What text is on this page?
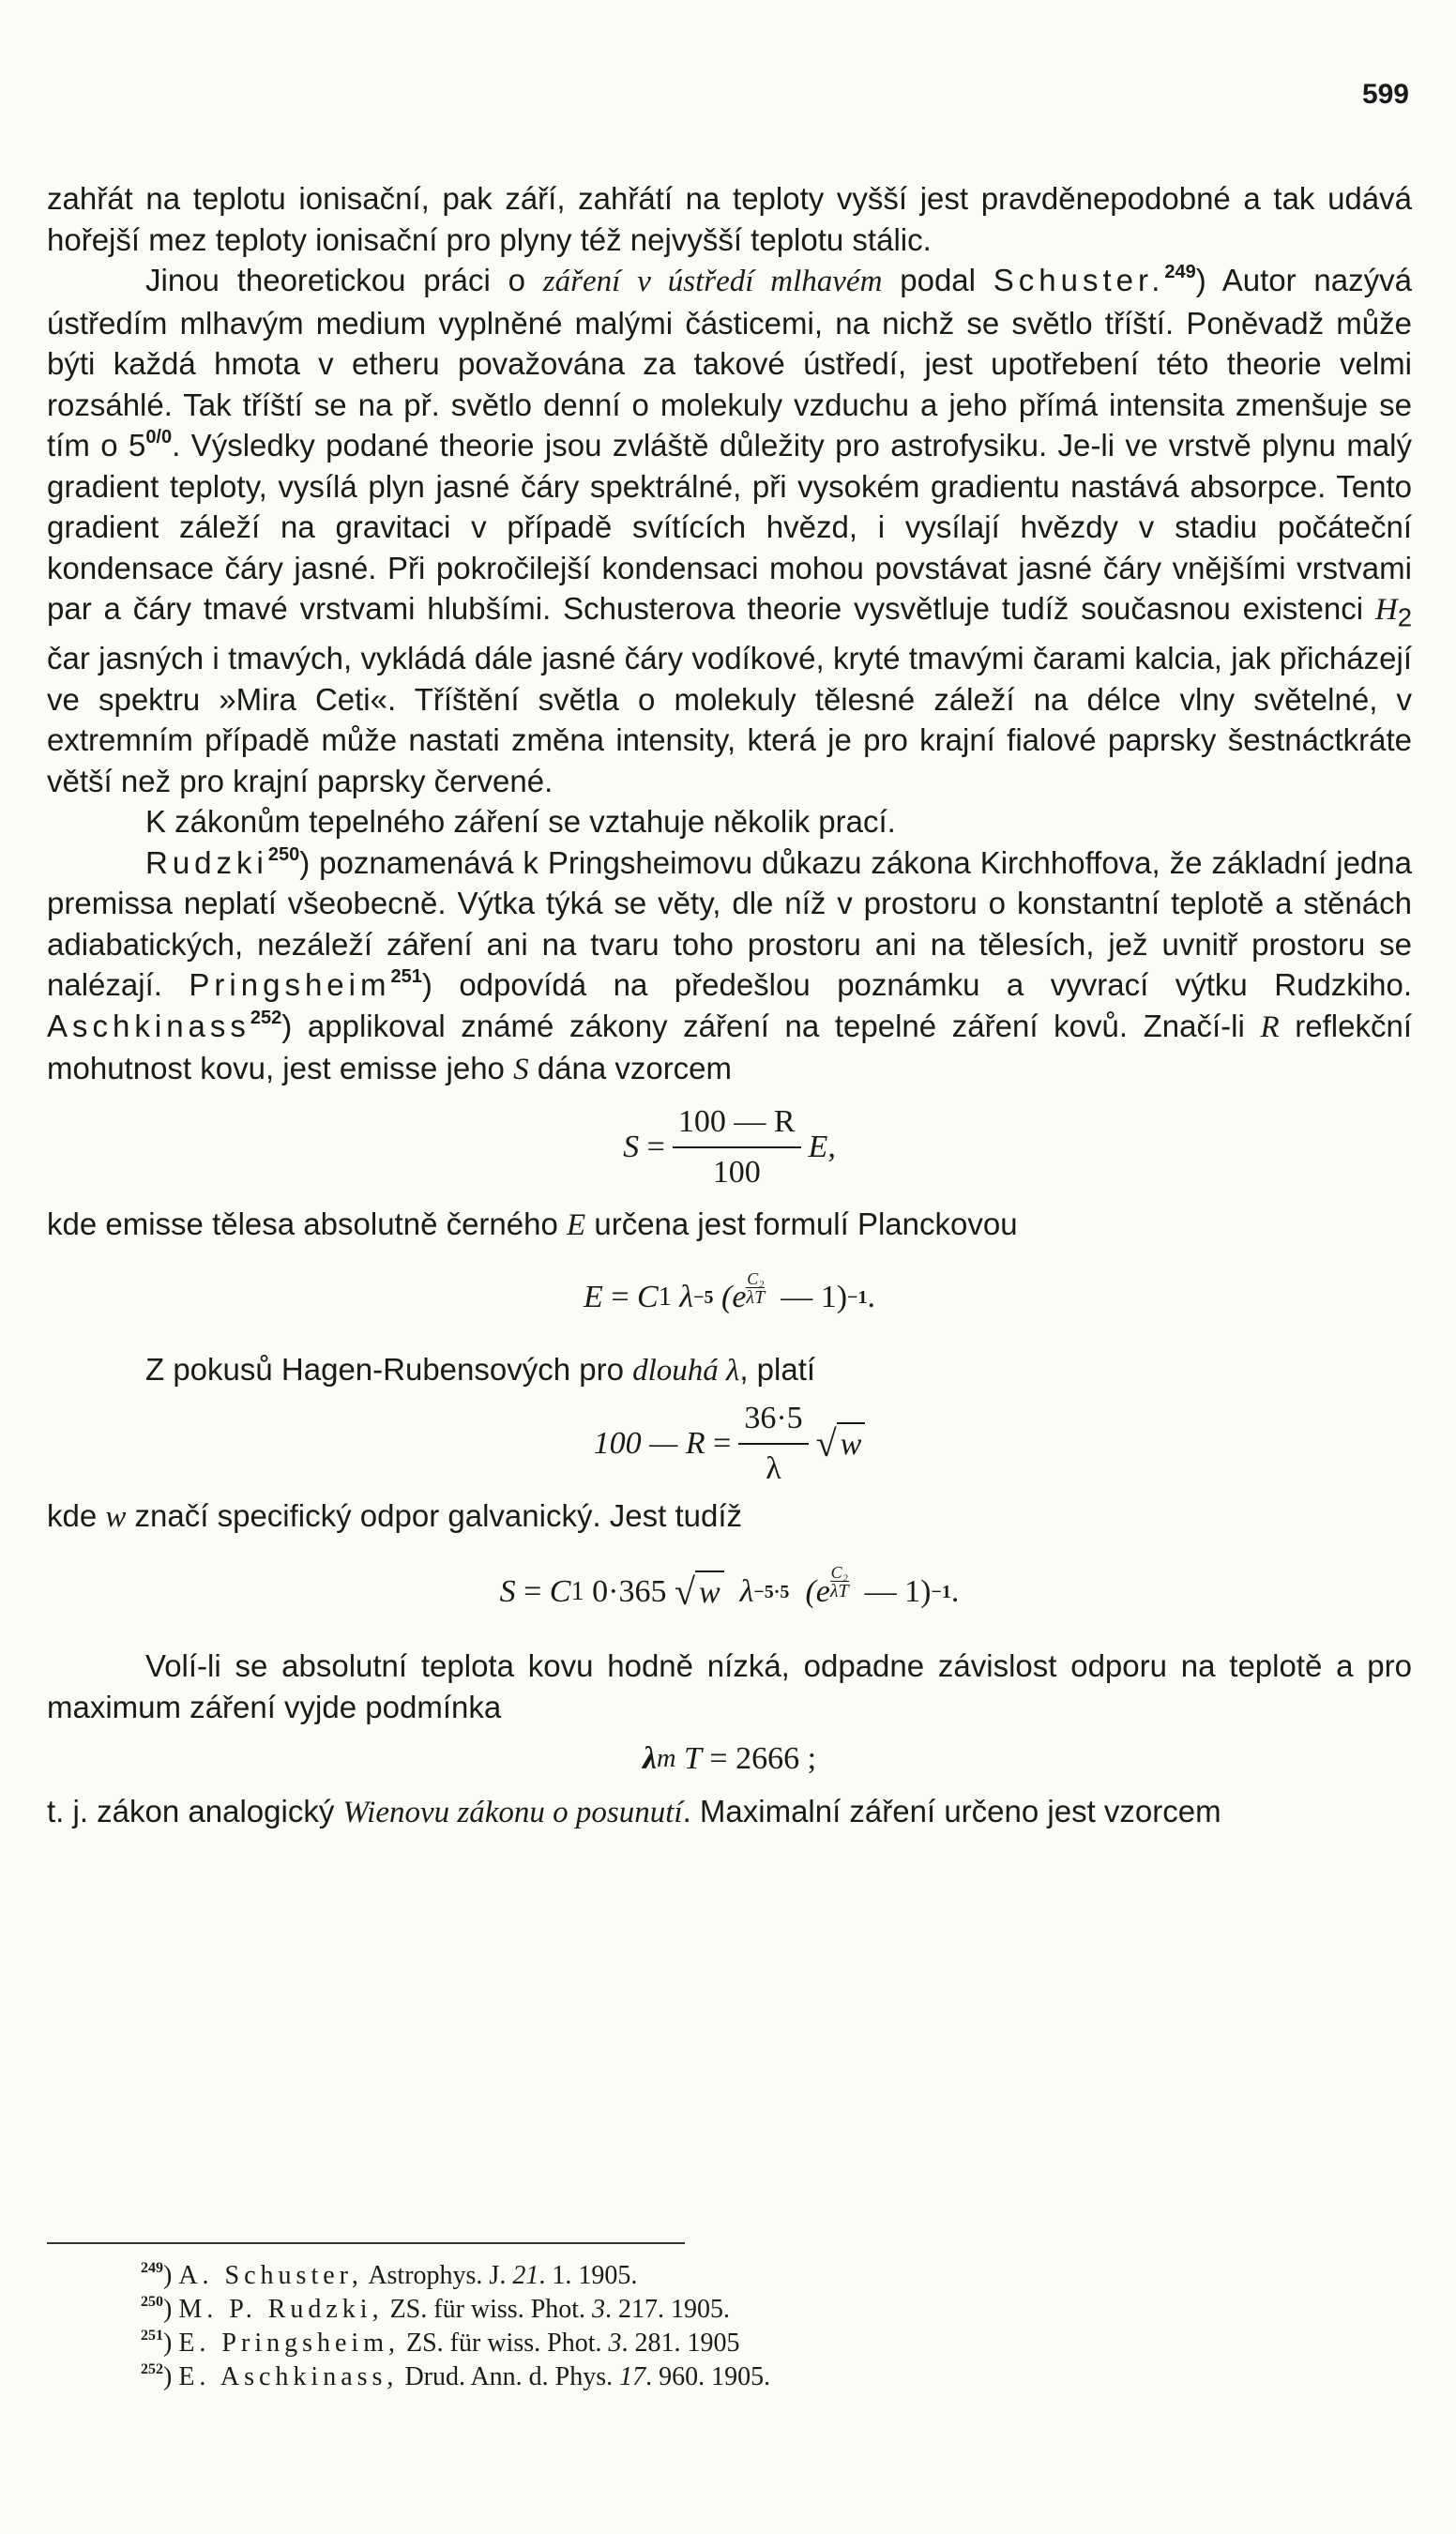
599

zahřát na teplotu ionisační, pak září, zahřátí na teploty vyšší jest pravděnepodobné a tak udává hořejší mez teploty ionisační pro plyny též nejvyšší teplotu stálic.

Jinou theoretickou práci o záření v ústředí mlhavém podal Schuster.$^{249}$) Autor nazývá ústředím mlhavým medium vyplněné malými částicemi, na nichž se světlo tříští. Poněvadž může býti každá hmota v etheru považována za takové ústředí, jest upotřebení této theorie velmi rozsáhlé. Tak tříští se na př. světlo denní o molekuly vzduchu a jeho přímá intensita zmenšuje se tím o $5^{0/0}$. Výsledky podané theorie jsou zvláště důležity pro astrofysiku. Je-li ve vrstvě plynu malý gradient teploty, vysílá plyn jasné čáry spektrálné, při vysokém gradientu nastává absorpce. Tento gradient záleží na gravitaci v případě svítících hvězd, i vysílají hvězdy v stadiu počáteční kondensace čáry jasné. Při pokročilejší kondensaci mohou povstávat jasné čáry vnějšími vrstvami par a čáry tmavé vrstvami hlubšími. Schusterova theorie vysvětluje tudíž současnou existenci $H_2$ čar jasných i tmavých, vykládá dále jasné čáry vodíkové, kryté tmavými čarami kalcia, jak přicházejí ve spektru »Mira Ceti«. Tříštění světla o molekuly tělesné záleží na délce vlny světelné, v extremním případě může nastati změna intensity, která je pro krajní fialové paprsky šestnáctkráte větší než pro krajní paprsky červené.

K zákonům tepelného záření se vztahuje několik prací.

Rudzki$^{250}$) poznamenává k Pringsheimovu důkazu zákona Kirchhoffova, že základní jedna premissa neplatí všeobecně. Výtka týká se věty, dle níž v prostoru o konstantní teplotě a stěnách adiabatických, nezáleží záření ani na tvaru toho prostoru ani na tělesích, jež uvnitř prostoru se nalézají. Pringsheim$^{251}$) odpovídá na předešlou poznámku a vyvrací výtku Rudzkiho. Aschkinass$^{252}$) applikoval známé zákony záření na tepelné záření kovů. Značí-li R reflekční mohutnost kovu, jest emisse jeho S dána vzorcem

S
= $\frac{100 — R}{100} E$,

kde emisse tělesa absolutně černého E určena jest formulí Planckovou

E
=
C 1
λ −5
(e
C₂
λT
— 1) −1 .

Z pokusů Hagen-Rubensových pro dlouhá λ, platí

100 — R
= $\frac{36\cdot 5}{\lambda}$ √ w

kde w značí specifický odpor galvanický. Jest tudíž

S
=
C 1
0·365
√ w
λ −5·5
(e
C₂
λT
— 1) −1 .

Volí-li se absolutní teplota kovu hodně nízká, odpadne závislost odporu na teplotě a pro maximum záření vyjde podmínka

λ m
T
=
2666 ;

t. j. zákon analogický Wienovu zákonu o posunutí. Maximalní záření určeno jest vzorcem

$^{249}$) A. Schuster, Astrophys. J. 21. 1. 1905.

$^{250}$) M. P. Rudzki, ZS. für wiss. Phot. 3. 217. 1905.

$^{251}$) E. Pringsheim, ZS. für wiss. Phot. 3. 281. 1905

$^{252}$) E. Aschkinass, Drud. Ann. d. Phys. 17. 960. 1905.
